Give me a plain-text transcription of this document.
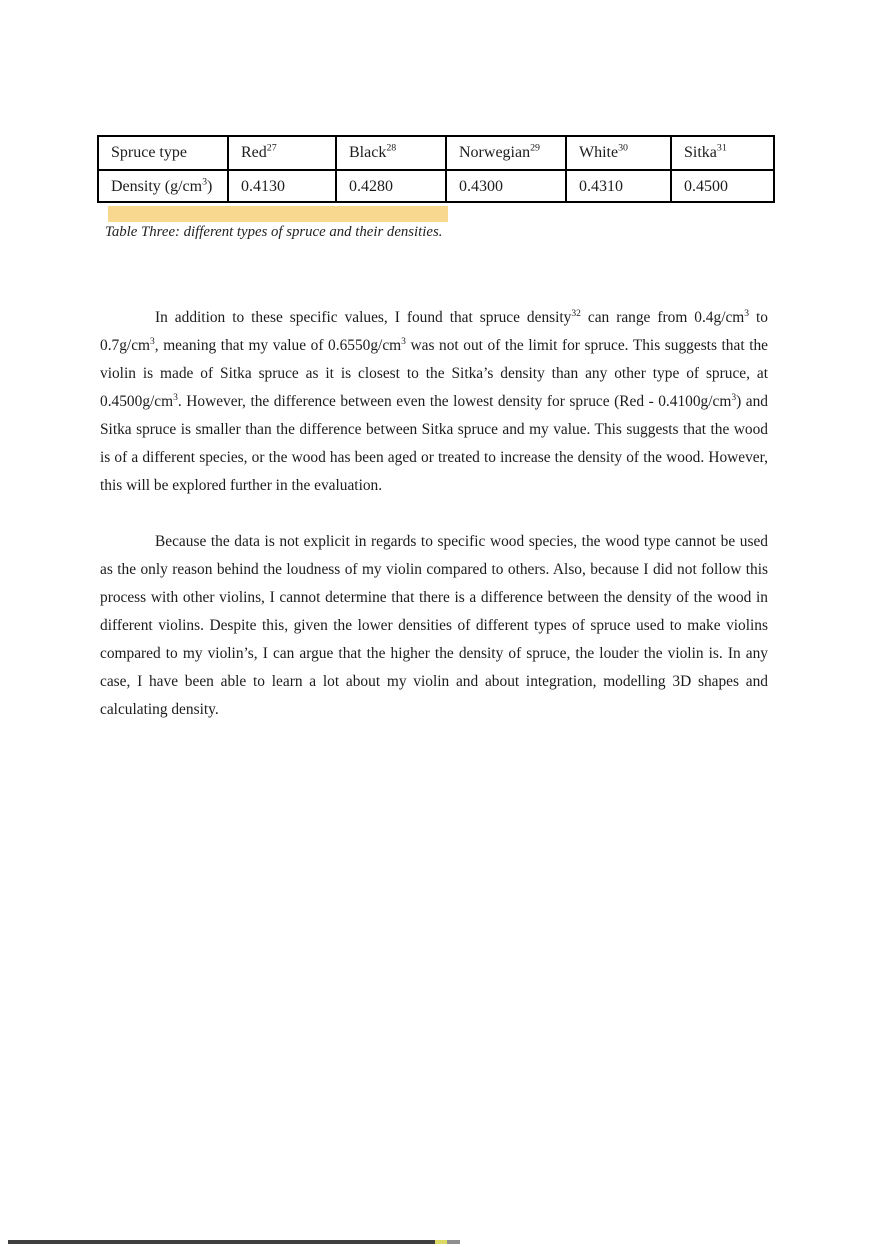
Spruce type	Red$^{27}$	Black$^{28}$	Norwegian$^{29}$	White$^{30}$	Sitka$^{31}$
Density $(g/cm^3)$	0.4130	0.4280	0.4300	0.4310	0.4500
Table Three: different types of spruce and their densities.

In addition to these specific values, I found that spruce density$^{32}$ can range from $0.4g/cm^3$ to $0.7g/cm^3$, meaning that my value of $0.6550g/cm^3$ was not out of the limit for spruce. This suggests that the violin is made of Sitka spruce as it is closest to the Sitka’s density than any other type of spruce, at $0.4500g/cm^3$. However, the difference between even the lowest density for spruce $(Red - 0.4100g/cm^3)$ and Sitka spruce is smaller than the difference between Sitka spruce and my value. This suggests that the wood is of a different species, or the wood has been aged or treated to increase the density of the wood. However, this will be explored further in the evaluation.

Because the data is not explicit in regards to specific wood species, the wood type cannot be used as the only reason behind the loudness of my violin compared to others. Also, because I did not follow this process with other violins, I cannot determine that there is a difference between the density of the wood in different violins. Despite this, given the lower densities of different types of spruce used to make violins compared to my violin’s, I can argue that the higher the density of spruce, the louder the violin is. In any case, I have been able to learn a lot about my violin and about integration, modelling 3D shapes and calculating density.
